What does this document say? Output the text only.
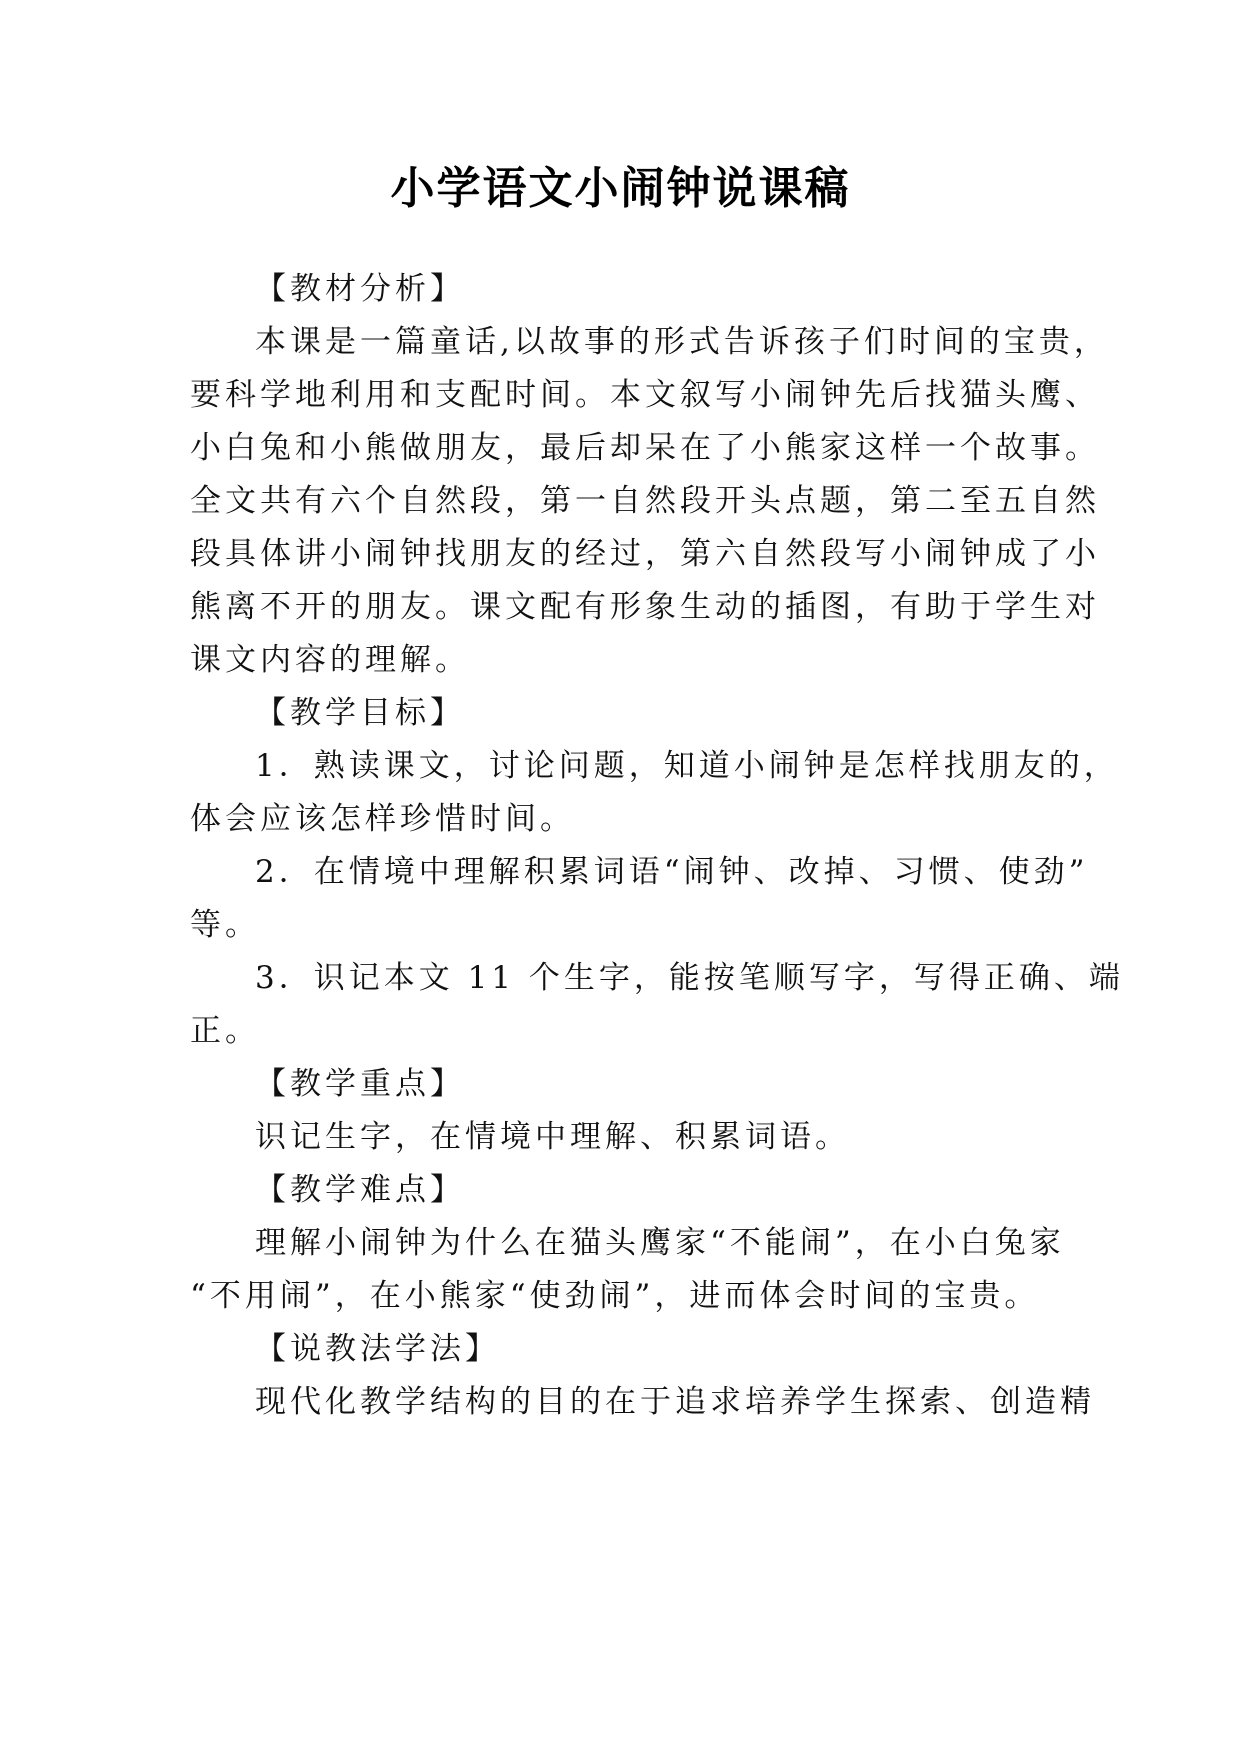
小学语文小闹钟说课稿

【教材分析】

本课是一篇童话,以故事的形式告诉孩子们时间的宝贵，

要科学地利用和支配时间。本文叙写小闹钟先后找猫头鹰、

小白兔和小熊做朋友，最后却呆在了小熊家这样一个故事。

全文共有六个自然段，第一自然段开头点题，第二至五自然

段具体讲小闹钟找朋友的经过，第六自然段写小闹钟成了小

熊离不开的朋友。课文配有形象生动的插图，有助于学生对

课文内容的理解。

【教学目标】

1．熟读课文，讨论问题，知道小闹钟是怎样找朋友的，

体会应该怎样珍惜时间。

2．在情境中理解积累词语“闹钟、改掉、习惯、使劲”

等。

3．识记本文 11 个生字，能按笔顺写字，写得正确、端

正。

【教学重点】

识记生字，在情境中理解、积累词语。

【教学难点】

理解小闹钟为什么在猫头鹰家“不能闹”，在小白兔家

“不用闹”，在小熊家“使劲闹”，进而体会时间的宝贵。

【说教法学法】

现代化教学结构的目的在于追求培养学生探索、创造精
